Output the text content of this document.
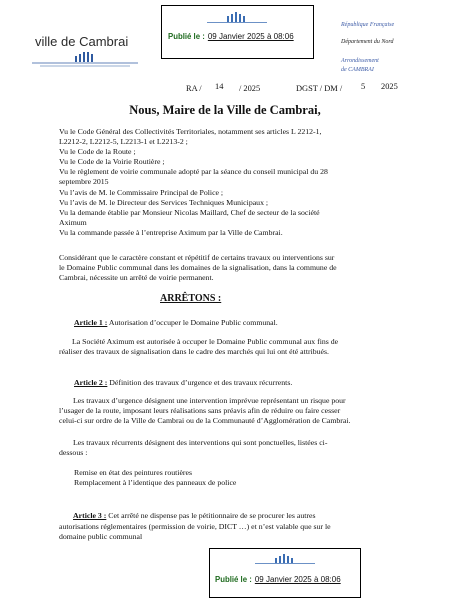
Publié le : 09 Janvier 2025 à 08:06
ville de Cambrai
République Française
Département du Nord
Arrondissement
de CAMBRAI
RA / 14 / 2025	DGST / DM / 5 2025
Nous, Maire de la Ville de Cambrai,
Vu le Code Général des Collectivités Territoriales, notamment ses articles L 2212-1,
L2212-2, L2212-5, L2213-1 et L2213-2 ;
Vu le Code de la Route ;
Vu le Code de la Voirie Routière ;
Vu le règlement de voirie communale adopté par la séance du conseil municipal du 28
septembre 2015
Vu l’avis de M. le Commissaire Principal de Police ;
Vu l’avis de M. le Directeur des Services Techniques Municipaux ;
Vu la demande établie par Monsieur Nicolas Maillard, Chef de secteur de la société
Aximum
Vu la commande passée à l’entreprise Aximum par la Ville de Cambrai.
Considérant que le caractère constant et répétitif de certains travaux ou interventions sur
le Domaine Public communal dans les domaines de la signalisation, dans la commune de
Cambrai, nécessite un arrêté de voirie permanent.
ARRÊTONS :
Article 1 : Autorisation d’occuper le Domaine Public communal.
La Société Aximum est autorisée à occuper le Domaine Public communal aux fins de
réaliser des travaux de signalisation dans le cadre des marchés qui lui ont été attribués.
Article 2 : Définition des travaux d’urgence et des travaux récurrents.
Les travaux d’urgence désignent une intervention imprévue représentant un risque pour
l’usager de la route, imposant leurs réalisations sans préavis afin de réduire ou faire cesser
celui-ci sur ordre de la Ville de Cambrai ou de la Communauté d’Agglomération de Cambrai.
Les travaux récurrents désignent des interventions qui sont ponctuelles, listées ci-
dessous :
Remise en état des peintures routières
Remplacement à l’identique des panneaux de police
Article 3 : Cet arrêté ne dispense pas le pétitionnaire de se procurer les autres
autorisations réglementaires (permission de voirie, DICT …) et n’est valable que sur le
domaine public communal
Publié le : 09 Janvier 2025 à 08:06
